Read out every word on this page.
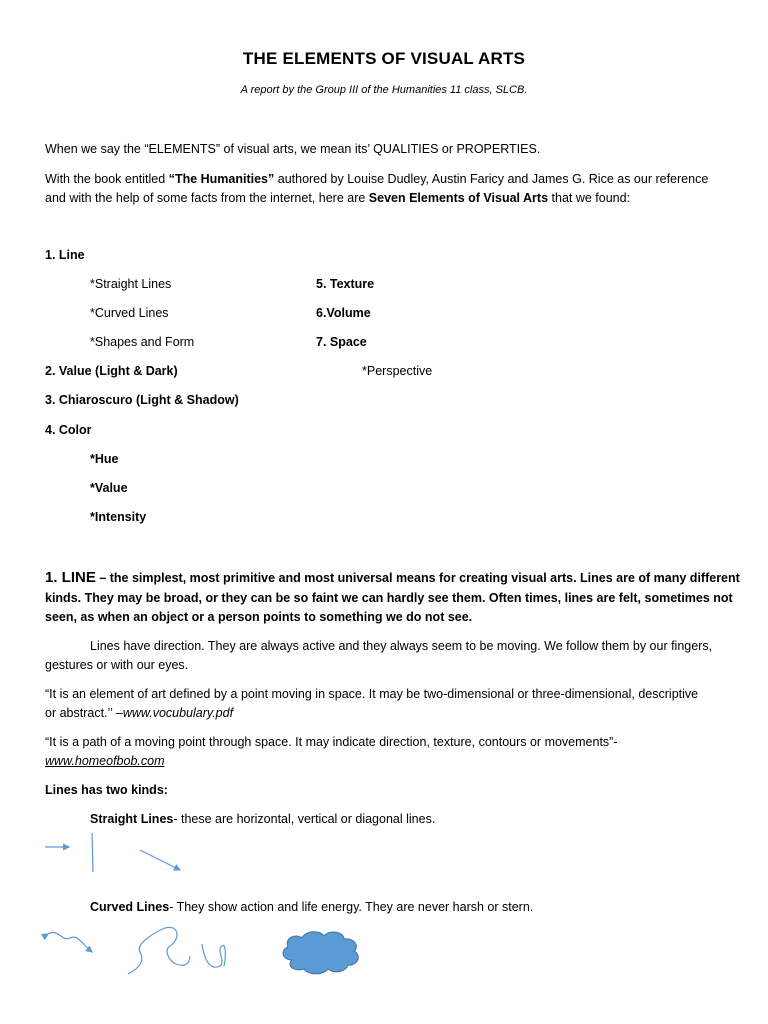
THE ELEMENTS OF VISUAL ARTS
A report by the Group III of the Humanities 11 class, SLCB.
When we say the “ELEMENTS” of visual arts, we mean its’ QUALITIES or PROPERTIES.
With the book entitled “The Humanities” authored by Louise Dudley, Austin Faricy and James G. Rice as our reference
and with the help of some facts from the internet, here are Seven Elements of Visual Arts that we found:
1. Line
*Straight Lines
*Curved Lines
*Shapes and Form
2. Value (Light & Dark)
3. Chiaroscuro (Light & Shadow)
4. Color
*Hue
*Value
*Intensity
5. Texture
6.Volume
7. Space
*Perspective
1. LINE – the simplest, most primitive and most universal means for creating visual arts. Lines are of many different
kinds. They may be broad, or they can be so faint we can hardly see them. Often times, lines are felt, sometimes not
seen, as when an object or a person points to something we do not see.
Lines have direction. They are always active and they always seem to be moving. We follow them by our fingers,
gestures or with our eyes.
“It is an element of art defined by a point moving in space. It may be two-dimensional or three-dimensional, descriptive
or abstract.’’ –www.vocubulary.pdf
“It is a path of a moving point through space. It may indicate direction, texture, contours or movements”-
www.homeofbob.com
Lines has two kinds:
Straight Lines- these are horizontal, vertical or diagonal lines.
Curved Lines- They show action and life energy. They are never harsh or stern.
